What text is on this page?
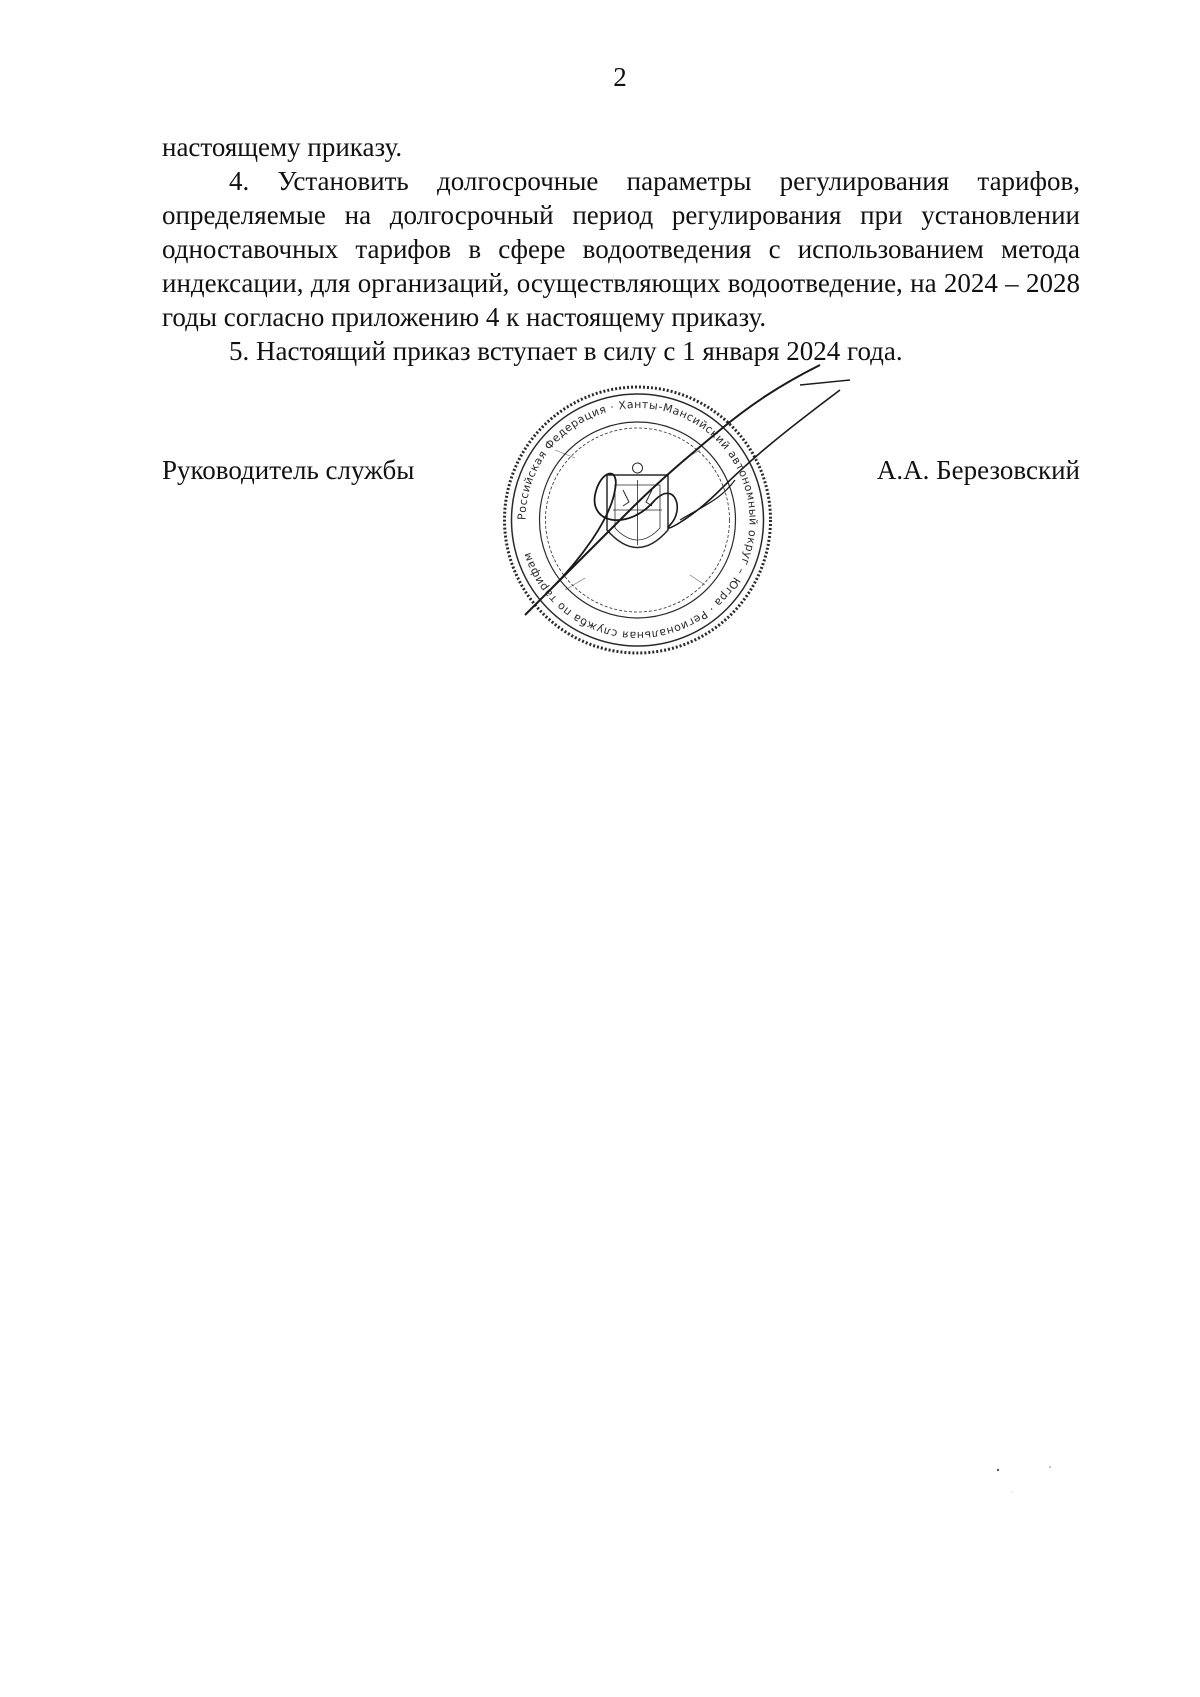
2

настоящему приказу.

4. Установить долгосрочные параметры регулирования тарифов, определяемые на долгосрочный период регулирования при установлении одноставочных тарифов в сфере водоотведения с использованием метода индексации, для организаций, осуществляющих водоотведение, на 2024 – 2028 годы согласно приложению 4 к настоящему приказу.

5. Настоящий приказ вступает в силу с 1 января 2024 года.

Руководитель службы	А.А. Березовский
Российская Федерация · Ханты-Мансийский автономный округ – Югра · Региональная служба по тарифам
